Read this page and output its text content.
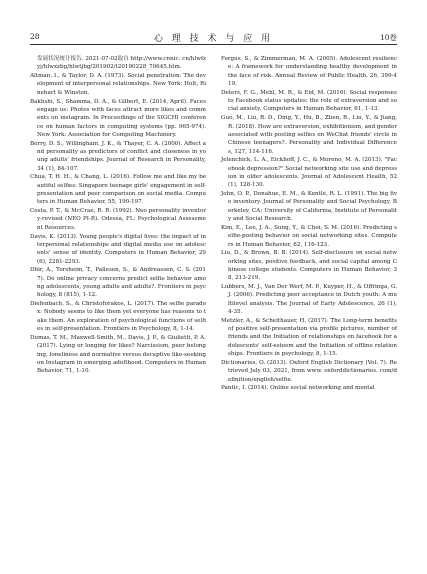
28	心 理 技 术 与 应 用	10卷

发展状况统计报告. 2021-07-02取自 http://www.cnnic. cn/hlwfzyj/hlwxzbg/hlwtjbg/201902/t20190228_70645.htm.

Altman, I., & Taylor, D. A. (1973). Social penetration: The development of interpersonal relationships. New York: Holt, Rinehart & Winston.

Bakhshi, S., Shamma, D. A., & Gilbert, E. (2014, April). Faces engage us: Photos with faces attract more likes and comments on instagram. In Proceedings of the SIGCHI conference on human factors in computing systems (pp. 965-974). New York: Association for Computing Machinery.

Berry, D. S., Willingham, J. K., & Thayer, C. A. (2000). Affect and personality as predictors of conflict and closeness in young adults' friendships. Journal of Research in Personality, 34 (1), 84-107.

Chua, T. H. H., & Chang, L. (2016). Follow me and like my beautiful selfies: Singapore teenage girls' engagement in self-presentation and peer comparison on social media. Computers in Human Behavior, 55, 190-197.

Costa, P. T., & McCrae, R. R. (1992). Neo personality inventory-revised (NEO PI-R). Odessa, FL: Psychological Assessment Resources.

Davis, K. (2013). Young people's digital lives: the impact of interpersonal relationships and digital media use on adolescents' sense of identity. Computers in Human Behavior, 29 (6), 2281-2293.

Dhir, A., Torsheim, T., Pallesen, S., & Andreassen, C. S. (2017). Do online privacy concerns predict selfie behavior among adolescents, young adults and adults?. Frontiers in psychology, 8 (815), 1-12.

Diefenbach, S., & Christoforakos, L. (2017). The selfie paradox: Nobody seems to like them yet everyone has reasons to take them. An exploration of psychological functions of selfies in self-presentation. Frontiers in Psychology, 8, 1-14.

Dumas, T. M., Maxwell-Smith, M., Davis, J. P., & Giulietti, P. A. (2017). Lying or longing for likes? Narcissism, peer belonging, loneliness and normative versus deceptive like-seeking on Instagram in emerging adulthood. Computers in Human Behavior, 71, 1-10.

Fergus, S., & Zimmerman, M. A. (2005). Adolescent resilience: A framework for understanding healthy development in the face of risk. Annual Review of Public Health, 26, 399-419.

Deters, F. G., Mehl, M. R., & Eid, M. (2016). Social responses to Facebook status updates: the role of extraversion and social anxiety. Computers in Human Behavior, 61, 1-13.

Guo, M., Liu, R. D., Ding, Y., Hu, B., Zhen, R., Liu, Y., & Jiang, R. (2018). How are extraversion, exhibitionism, and gender associated with posting selfies on WeChat friends' circle in Chinese teenagers?. Personality and Individual Differences, 127, 114-116.

Jelenchick, L. A., Eickhoff, J. C., & Moreno, M. A. (2013). "Facebook depression?" Social networking site use and depression in older adolescents. Journal of Adolescent Health, 52 (1), 128-130.

John, O. P., Donahue, E. M., & Kentle, R. L. (1991). The big five inventory. Journal of Personality and Social Psychology. Berkeley, CA: University of California, Institute of Personality and Social Research.

Kim, E., Lee, J. A., Sung, Y., & Choi, S. M. (2016). Predicting selfie-posting behavior on social networking sites. Computers in Human Behavior, 62, 116-123.

Liu, D., & Brown, B. B. (2014). Self-disclosure on social networking sites, positive feedback, and social capital among Chinese college students. Computers in Human Behavior, 38, 213-219.

Lubbers, M. J., Van Der Werf, M. P., Kuyper, H., & Offringa, G. J. (2006). Predicting peer acceptance in Dutch youth: A multilevel analysis. The Journal of Early Adolescence, 26 (1), 4-35.

Metzler, A., & Scheithauer, H. (2017). The Long-term benefits of positive self-presentation via profile pictures, number of friends and the Initiation of relationships on facebook for adolescents' self-esteem and the Initiation of offline relationships. Frontiers in psychology, 8, 1-15.

Dictionaries, O. (2013). Oxford English Dictionary (Vol. 7). Retrieved July 03, 2021, from www. oxforddictionaries. com/definition/english/selfie.

Pantic, I. (2014). Online social networking and mental
